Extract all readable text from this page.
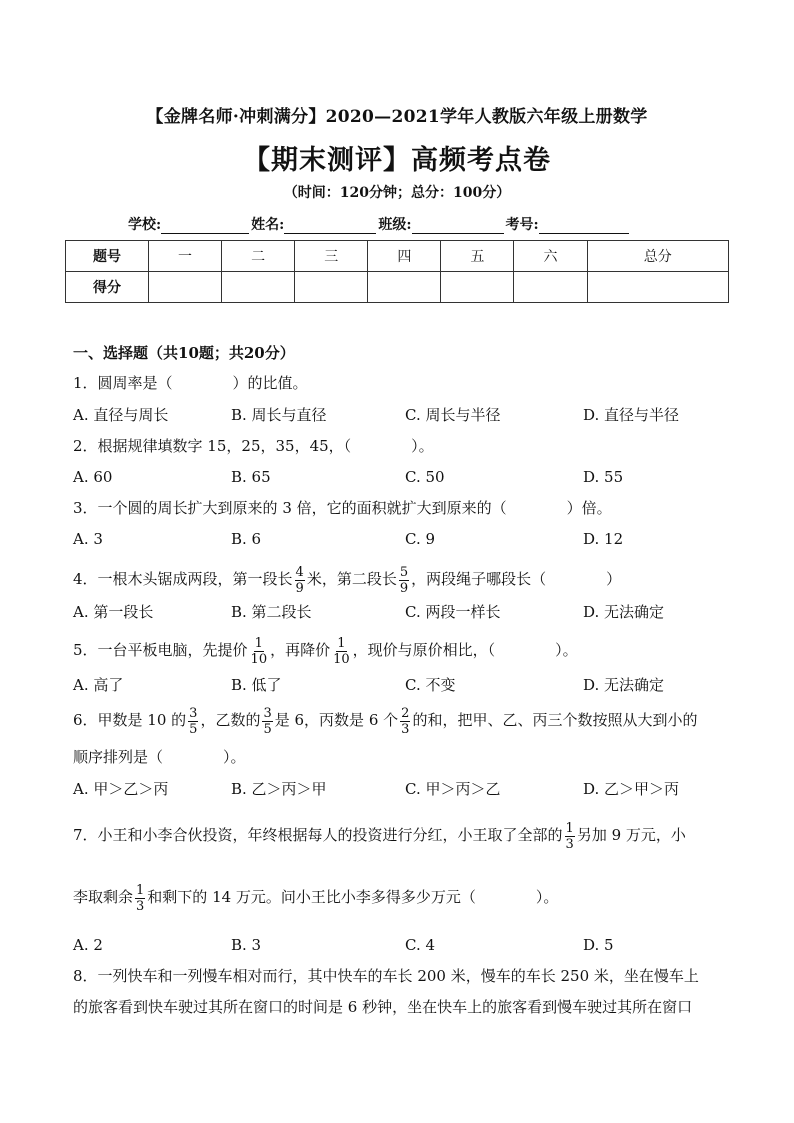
【金牌名师·冲刺满分】2020—2021学年人教版六年级上册数学
【期末测评】高频考点卷
（时间：120分钟；总分：100分）
学校:	姓名:	班级:	考号:
题号	一	二	三	四	五	六	总分
得分							
一、选择题（共10题；共20分）
1．圆周率是（　　　　）的比值。
A. 直径与周长	B. 周长与直径	C. 周长与半径	D. 直径与半径
2．根据规律填数字 15，25，35，45，（　　　　）。
A. 60	B. 65	C. 50	D. 55
3．一个圆的周长扩大到原来的 3 倍，它的面积就扩大到原来的（　　　　）倍。
A. 3	B. 6	C. 9	D. 12
4．一根木头锯成两段，第一段长 $\frac{4}{9}$ 米，第二段长 $\frac{5}{9}$ ，两段绳子哪段长（　　　　）
A. 第一段长	B. 第二段长	C. 两段一样长	D. 无法确定
5．一台平板电脑，先提价 $\frac{1}{10}$ ，再降价 $\frac{1}{10}$ ，现价与原价相比，（　　　　）。
A. 高了	B. 低了	C. 不变	D. 无法确定
6．甲数是 10 的 $\frac{3}{5}$ ，乙数的 $\frac{3}{5}$ 是 6，丙数是 6 个 $\frac{2}{3}$ 的和，把甲、乙、丙三个数按照从大到小的
顺序排列是（　　　　）。
A. 甲＞乙＞丙	B. 乙＞丙＞甲	C. 甲＞丙＞乙	D. 乙＞甲＞丙
7．小王和小李合伙投资，年终根据每人的投资进行分红，小王取了全部的 $\frac{1}{3}$ 另加 9 万元，小
李取剩余 $\frac{1}{3}$ 和剩下的 14 万元。问小王比小李多得多少万元（　　　　）。
A. 2	B. 3	C. 4	D. 5
8．一列快车和一列慢车相对而行，其中快车的车长 200 米，慢车的车长 250 米，坐在慢车上
的旅客看到快车驶过其所在窗口的时间是 6 秒钟，坐在快车上的旅客看到慢车驶过其所在窗口
